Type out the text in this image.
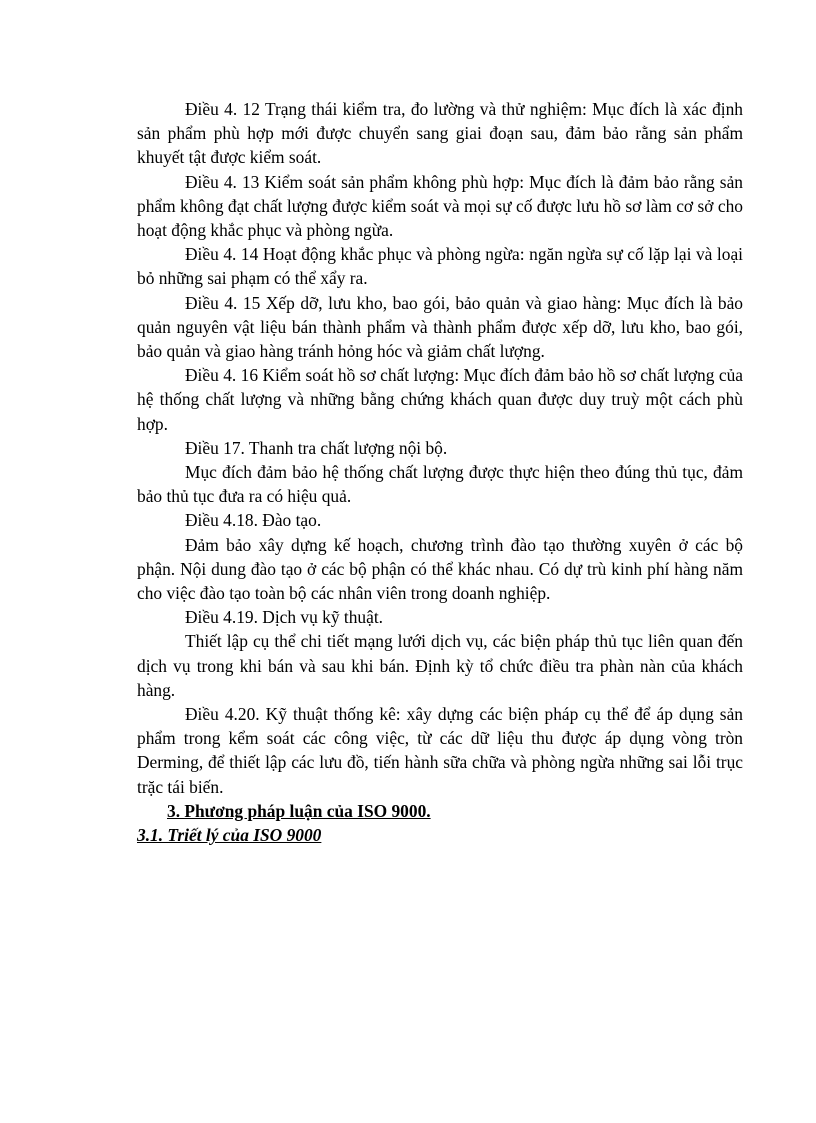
Điều 4. 12 Trạng thái kiểm tra, đo lường và thử nghiệm: Mục đích là xác định sản phẩm phù hợp mới được chuyển sang giai đoạn sau, đảm bảo rằng sản phẩm khuyết tật được kiểm soát.

Điều 4. 13 Kiểm soát sản phẩm không phù hợp: Mục đích là đảm bảo rằng sản phẩm không đạt chất lượng được kiểm soát và mọi sự cố được lưu hồ sơ làm cơ sở cho hoạt động khắc phục và phòng ngừa.

Điều 4. 14 Hoạt động khắc phục và phòng ngừa: ngăn ngừa sự cố lặp lại và loại bỏ những sai phạm có thể xẩy ra.

Điều 4. 15 Xếp dỡ, lưu kho, bao gói, bảo quản và giao hàng: Mục đích là bảo quản nguyên vật liệu bán thành phẩm và thành phẩm được xếp dỡ, lưu kho, bao gói, bảo quản và giao hàng tránh hỏng hóc và giảm chất lượng.

Điều 4. 16 Kiểm soát hồ sơ chất lượng: Mục đích đảm bảo hồ sơ chất lượng của hệ thống chất lượng và những bằng chứng khách quan được duy truỳ một cách phù hợp.

Điều 17. Thanh tra chất lượng nội bộ.

Mục đích đảm bảo hệ thống chất lượng được thực hiện theo đúng thủ tục, đảm bảo thủ tục đưa ra có hiệu quả.

Điều 4.18. Đào tạo.

Đảm bảo xây dựng kế hoạch, chương trình đào tạo thường xuyên ở các bộ phận. Nội dung đào tạo ở các bộ phận có thể khác nhau. Có dự trù kinh phí hàng năm cho việc đào tạo toàn bộ các nhân viên trong doanh nghiệp.

Điều 4.19. Dịch vụ kỹ thuật.

Thiết lập cụ thể chi tiết mạng lưới dịch vụ, các biện pháp thủ tục liên quan đến dịch vụ trong khi bán và sau khi bán. Định kỳ tổ chức điều tra phàn nàn của khách hàng.

Điều 4.20. Kỹ thuật thống kê: xây dựng các biện pháp cụ thể để áp dụng sản phẩm trong kểm soát các công việc, từ các dữ liệu thu được áp dụng vòng tròn Derming, để thiết lập các lưu đồ, tiến hành sữa chữa và phòng ngừa những sai lỗi trục trặc tái biến.

3. Phương pháp luận của ISO 9000.

3.1. Triết lý của ISO 9000
